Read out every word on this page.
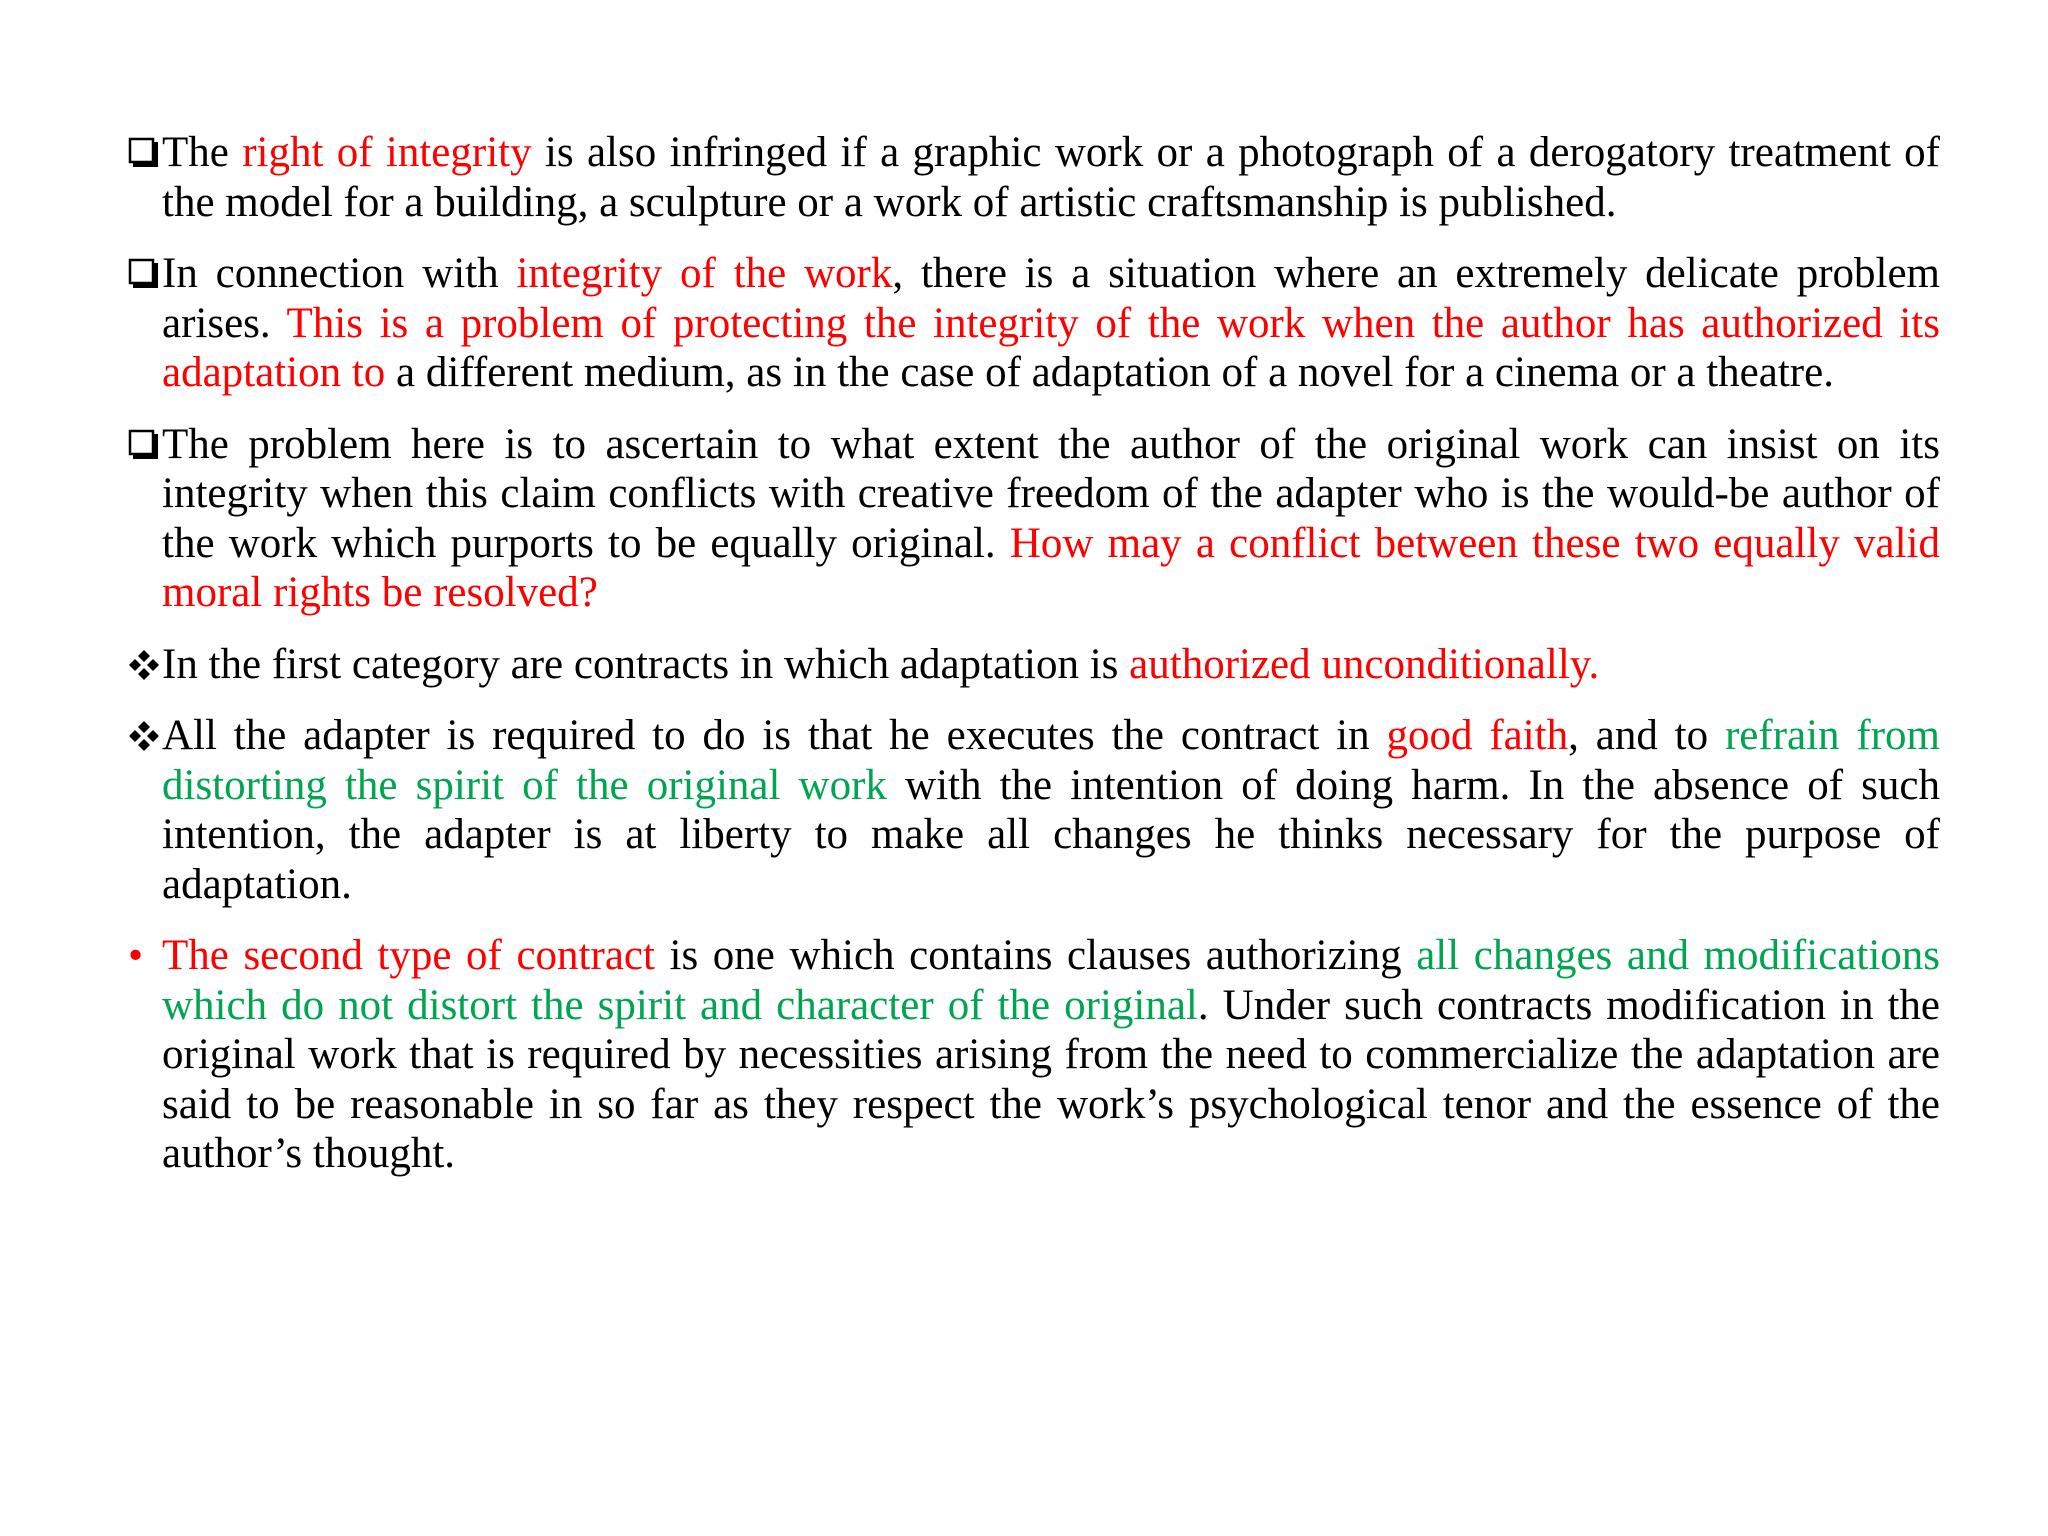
The right of integrity is also infringed if a graphic work or a photograph of a derogatory treatment of the model for a building, a sculpture or a work of artistic craftsmanship is published.
In connection with integrity of the work, there is a situation where an extremely delicate problem arises. This is a problem of protecting the integrity of the work when the author has authorized its adaptation to a different medium, as in the case of adaptation of a novel for a cinema or a theatre.
The problem here is to ascertain to what extent the author of the original work can insist on its integrity when this claim conflicts with creative freedom of the adapter who is the would-be author of the work which purports to be equally original. How may a conflict between these two equally valid moral rights be resolved?
In the first category are contracts in which adaptation is authorized unconditionally.
All the adapter is required to do is that he executes the contract in good faith, and to refrain from distorting the spirit of the original work with the intention of doing harm. In the absence of such intention, the adapter is at liberty to make all changes he thinks necessary for the purpose of adaptation.
• The second type of contract is one which contains clauses authorizing all changes and modifications which do not distort the spirit and character of the original. Under such contracts modification in the original work that is required by necessities arising from the need to commercialize the adaptation are said to be reasonable in so far as they respect the work’s psychological tenor and the essence of the author’s thought.
